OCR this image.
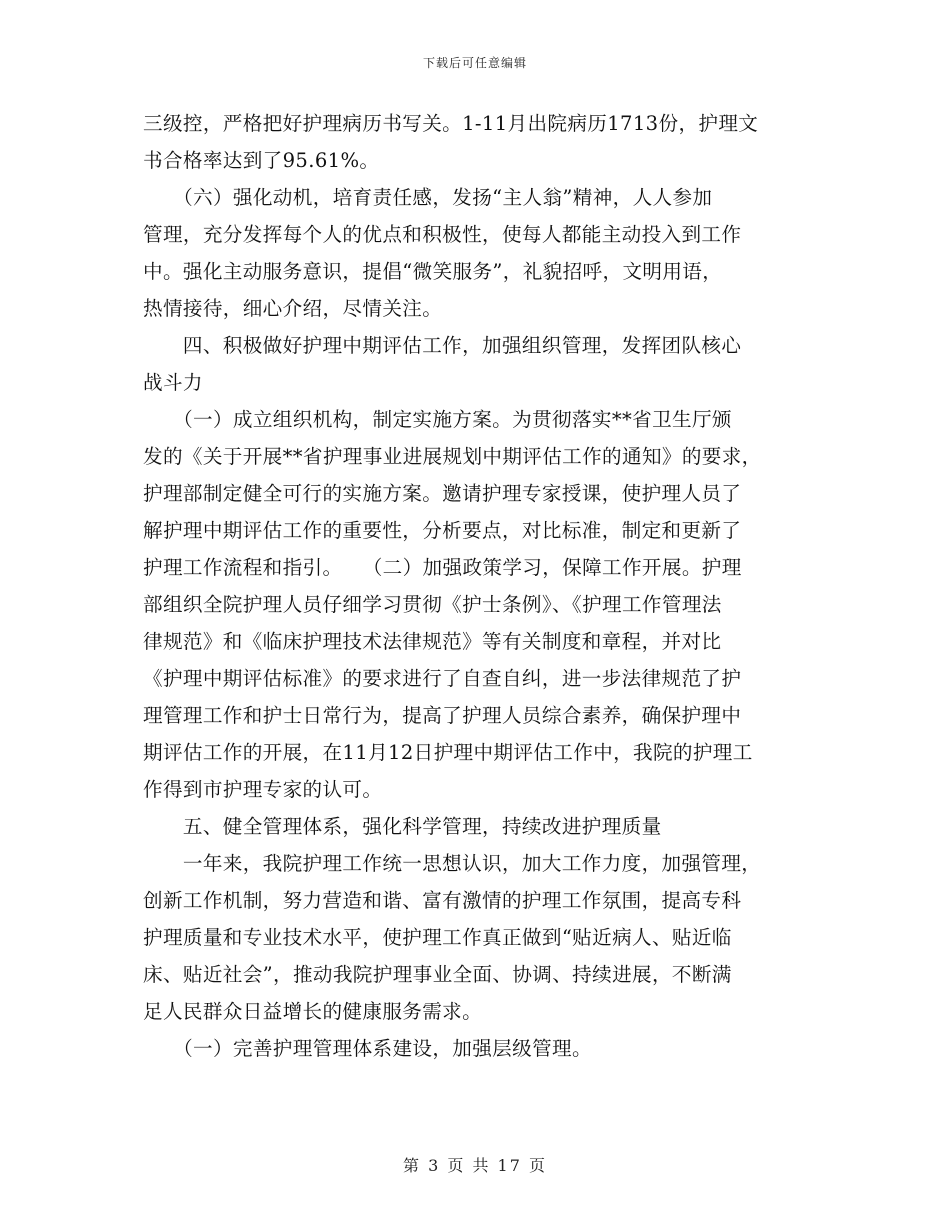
下载后可任意编辑
三级控，严格把好护理病历书写关。1-11月出院病历1713份，护理文
书合格率达到了95.61%。
　　（六）强化动机，培育责任感，发扬“主人翁”精神，人人参加
管理，充分发挥每个人的优点和积极性，使每人都能主动投入到工作
中。强化主动服务意识，提倡“微笑服务”，礼貌招呼，文明用语，
热情接待，细心介绍，尽情关注。
　　四、积极做好护理中期评估工作，加强组织管理，发挥团队核心
战斗力
　　（一）成立组织机构，制定实施方案。为贯彻落实**省卫生厅颁
发的《关于开展**省护理事业进展规划中期评估工作的通知》的要求，
护理部制定健全可行的实施方案。邀请护理专家授课，使护理人员了
解护理中期评估工作的重要性，分析要点，对比标准，制定和更新了
护理工作流程和指引。　　（二）加强政策学习，保障工作开展。护理
部组织全院护理人员仔细学习贯彻《护士条例》、《护理工作管理法
律规范》和《临床护理技术法律规范》等有关制度和章程，并对比
《护理中期评估标准》的要求进行了自查自纠，进一步法律规范了护
理管理工作和护士日常行为，提高了护理人员综合素养，确保护理中
期评估工作的开展，在11月12日护理中期评估工作中，我院的护理工
作得到市护理专家的认可。
　　五、健全管理体系，强化科学管理，持续改进护理质量
　　一年来，我院护理工作统一思想认识，加大工作力度，加强管理，
创新工作机制，努力营造和谐、富有激情的护理工作氛围，提高专科
护理质量和专业技术水平，使护理工作真正做到“贴近病人、贴近临
床、贴近社会”，推动我院护理事业全面、协调、持续进展，不断满
足人民群众日益增长的健康服务需求。
　　（一）完善护理管理体系建设，加强层级管理。
第 3 页 共 17 页
